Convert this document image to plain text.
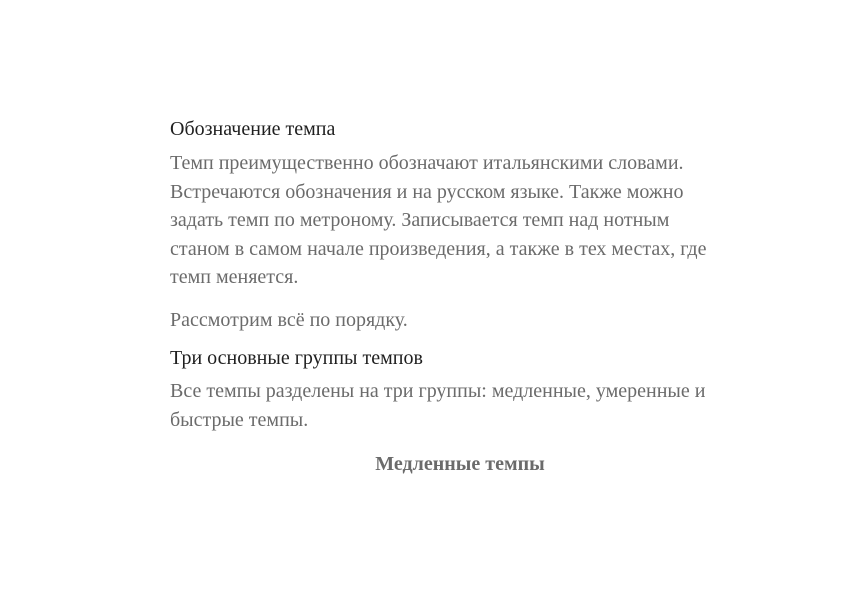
Обозначение темпа

Темп преимущественно обозначают итальянскими словами. Встречаются обозначения и на русском языке. Также можно задать темп по метроному. Записывается темп над нотным станом в самом начале произведения, а также в тех местах, где темп меняется.

Рассмотрим всё по порядку.

Три основные группы темпов

Все темпы разделены на три группы: медленные, умеренные и быстрые темпы.

Медленные темпы
